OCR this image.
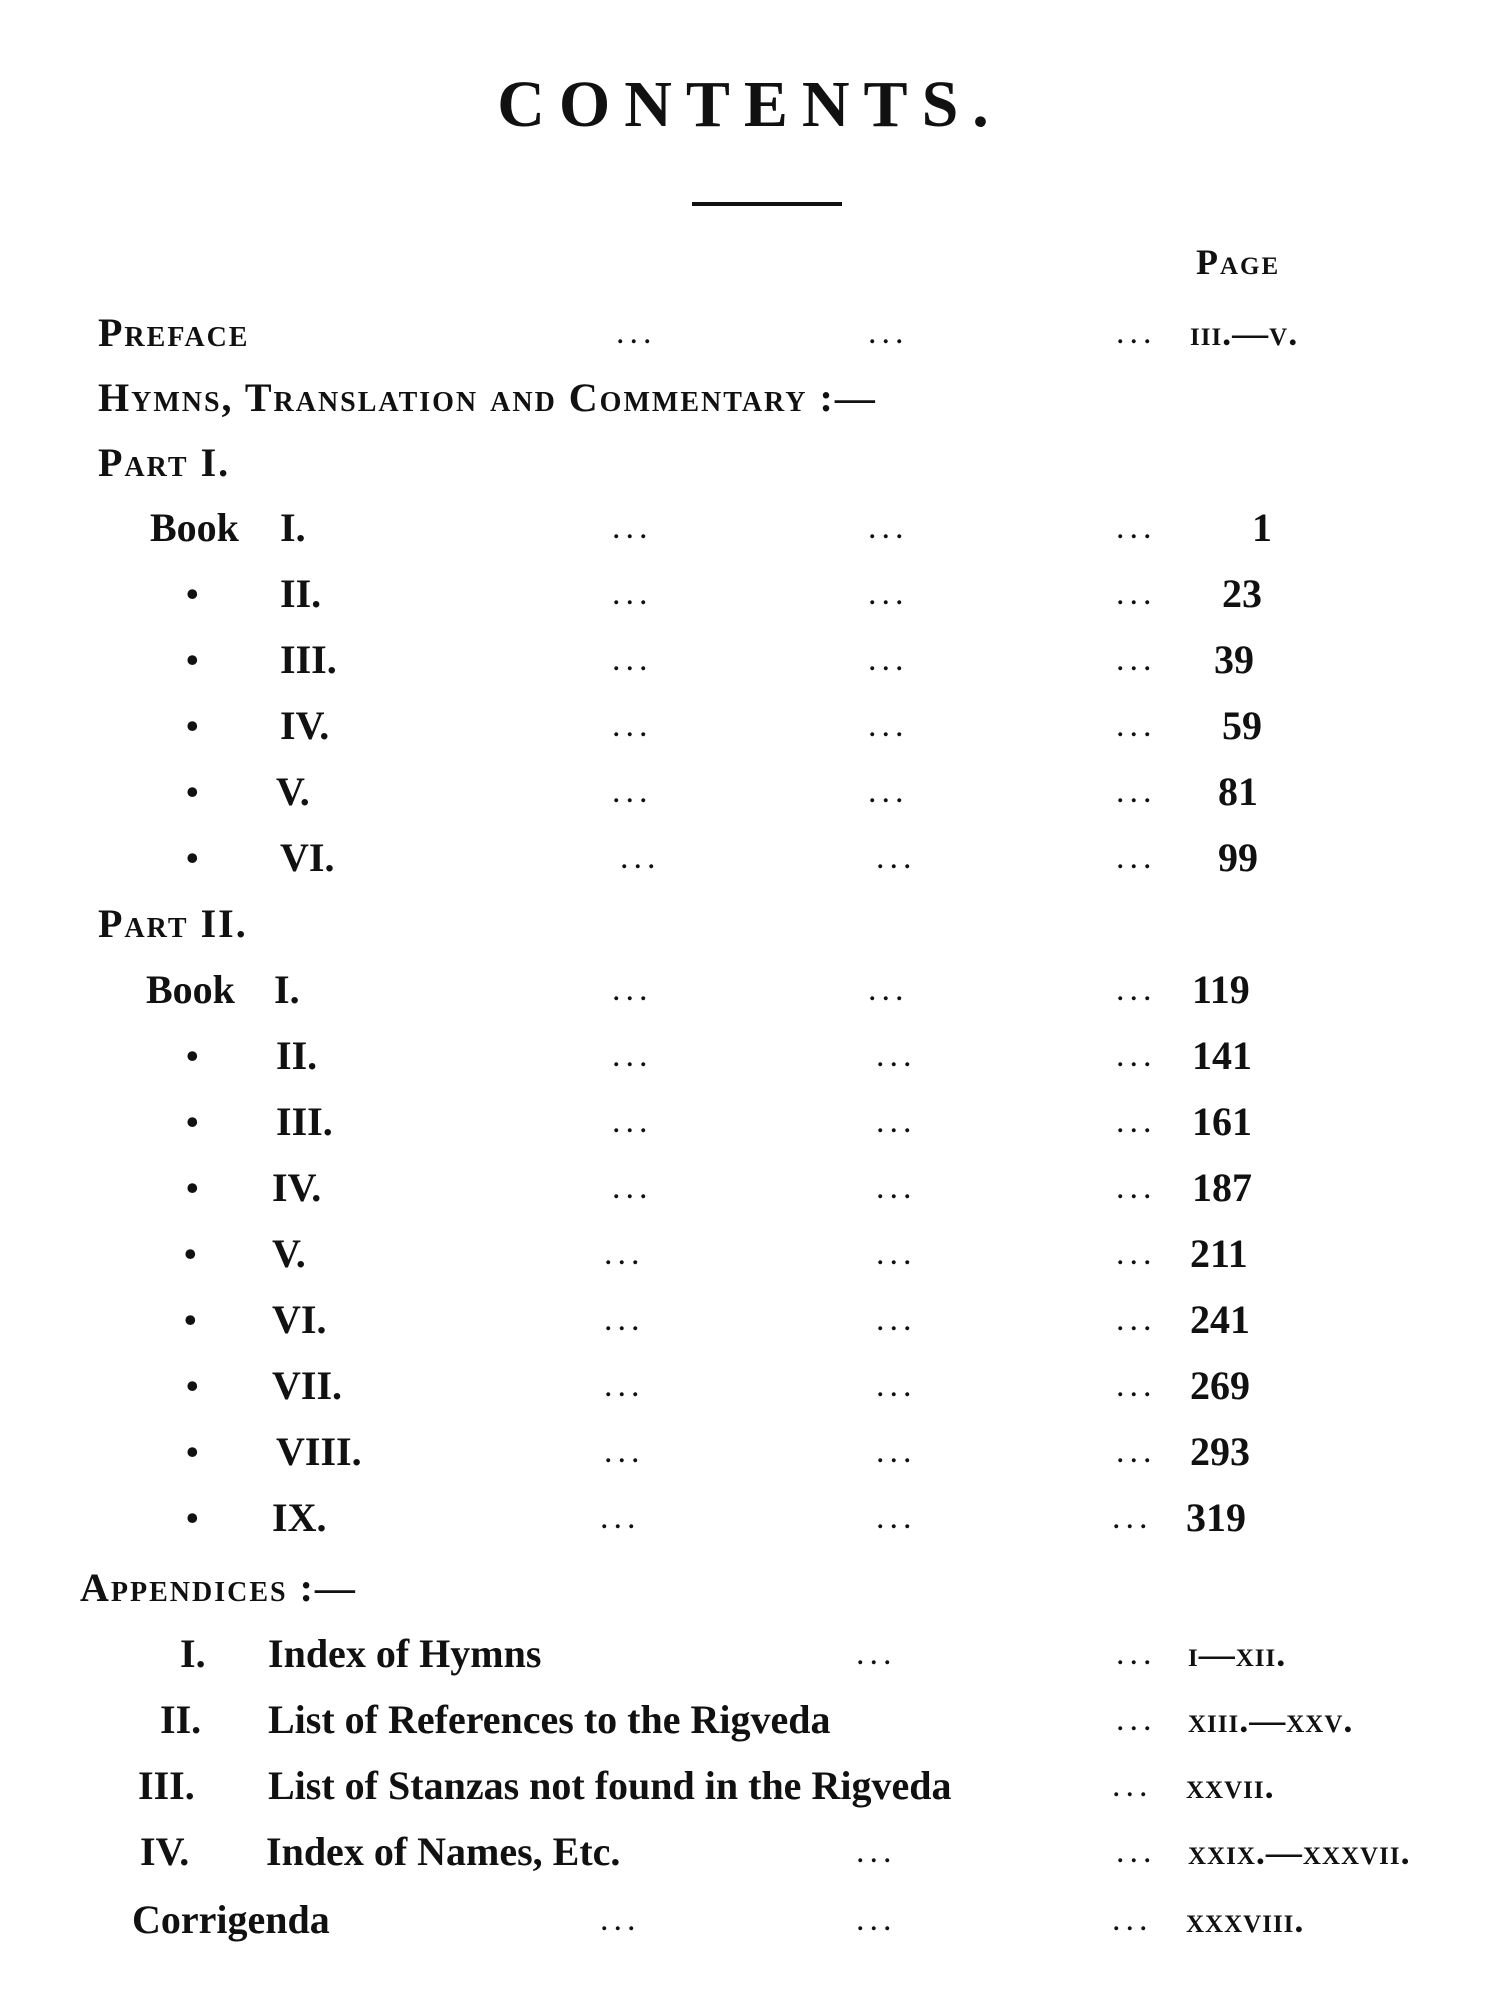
CONTENTS.
Page
Preface	...	...	... iii.—v.
Hymns, Translation and Commentary :—
Part I.
Book I.	...	...	... 1
• II.	...	...	... 23
• III.	...	...	... 39
• IV.	...	...	... 59
• V.	...	...	... 81
• VI.	...	...	... 99
Part II.
Book I.	...	...	... 119
• II.	...	...	... 141
• III.	...	...	... 161
• IV.	...	...	... 187
• V.	...	...	... 211
• VI.	...	...	... 241
• VII.	...	...	... 269
• VIII.	...	...	... 293
• IX.	...	...	... 319
Appendices :—
I. Index of Hymns	...	... i—xii.
II. List of References to the Rigveda	... xiii.—xxv.
III. List of Stanzas not found in the Rigveda	... xxvii.
IV. Index of Names, Etc.	...	... xxix.—xxxvii.
Corrigenda	...	...	... xxxviii.
